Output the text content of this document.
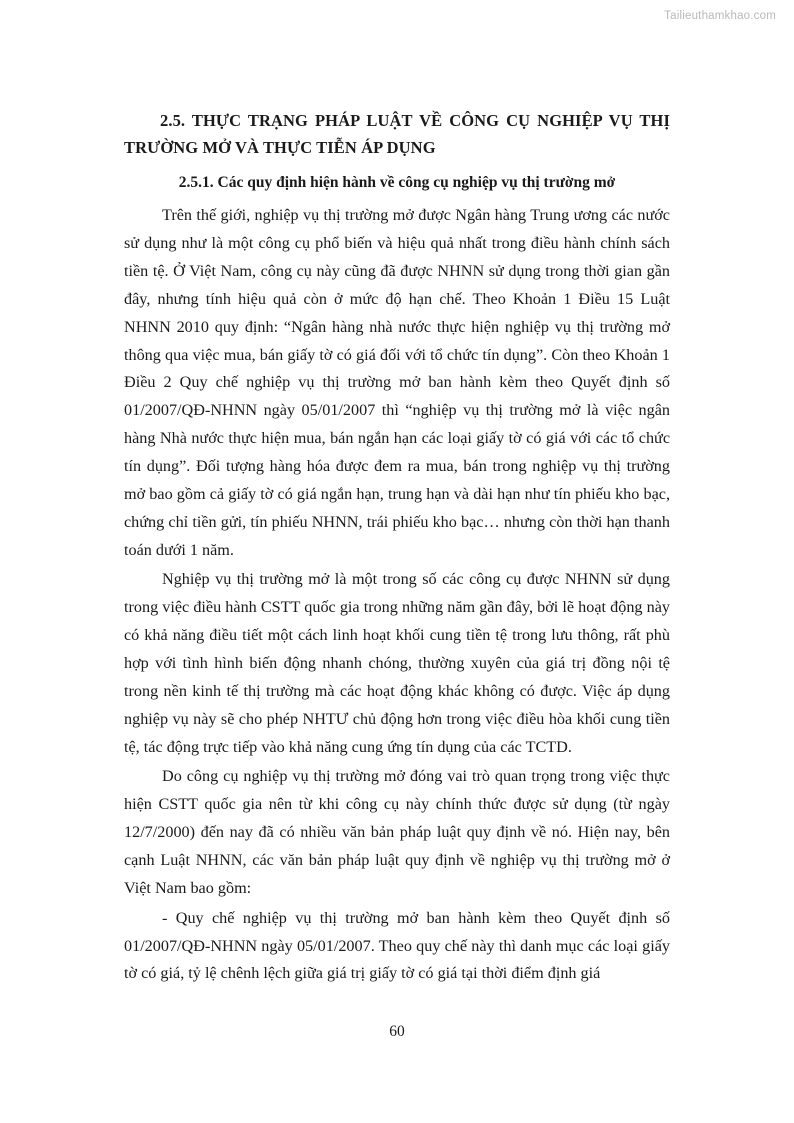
Tailieuthamkhao.com
2.5. THỰC TRẠNG PHÁP LUẬT VỀ CÔNG CỤ NGHIỆP VỤ THỊ TRƯỜNG MỞ VÀ THỰC TIỄN ÁP DỤNG
2.5.1. Các quy định hiện hành về công cụ nghiệp vụ thị trường mở

Trên thế giới, nghiệp vụ thị trường mở được Ngân hàng Trung ương các nước sử dụng như là một công cụ phổ biến và hiệu quả nhất trong điều hành chính sách tiền tệ. Ở Việt Nam, công cụ này cũng đã được NHNN sử dụng trong thời gian gần đây, nhưng tính hiệu quả còn ở mức độ hạn chế. Theo Khoản 1 Điều 15 Luật NHNN 2010 quy định: “Ngân hàng nhà nước thực hiện nghiệp vụ thị trường mở thông qua việc mua, bán giấy tờ có giá đối với tổ chức tín dụng”. Còn theo Khoản 1 Điều 2 Quy chế nghiệp vụ thị trường mở ban hành kèm theo Quyết định số 01/2007/QĐ-NHNN ngày 05/01/2007 thì “nghiệp vụ thị trường mở là việc ngân hàng Nhà nước thực hiện mua, bán ngắn hạn các loại giấy tờ có giá với các tổ chức tín dụng”. Đối tượng hàng hóa được đem ra mua, bán trong nghiệp vụ thị trường mở bao gồm cả giấy tờ có giá ngắn hạn, trung hạn và dài hạn như tín phiếu kho bạc, chứng chỉ tiền gửi, tín phiếu NHNN, trái phiếu kho bạc… nhưng còn thời hạn thanh toán dưới 1 năm.

Nghiệp vụ thị trường mở là một trong số các công cụ được NHNN sử dụng trong việc điều hành CSTT quốc gia trong những năm gần đây, bởi lẽ hoạt động này có khả năng điều tiết một cách linh hoạt khối cung tiền tệ trong lưu thông, rất phù hợp với tình hình biến động nhanh chóng, thường xuyên của giá trị đồng nội tệ trong nền kinh tế thị trường mà các hoạt động khác không có được. Việc áp dụng nghiệp vụ này sẽ cho phép NHTƯ chủ động hơn trong việc điều hòa khối cung tiền tệ, tác động trực tiếp vào khả năng cung ứng tín dụng của các TCTD.

Do công cụ nghiệp vụ thị trường mở đóng vai trò quan trọng trong việc thực hiện CSTT quốc gia nên từ khi công cụ này chính thức được sử dụng (từ ngày 12/7/2000) đến nay đã có nhiều văn bản pháp luật quy định về nó. Hiện nay, bên cạnh Luật NHNN, các văn bản pháp luật quy định về nghiệp vụ thị trường mở ở Việt Nam bao gồm:

- Quy chế nghiệp vụ thị trường mở ban hành kèm theo Quyết định số 01/2007/QĐ-NHNN ngày 05/01/2007. Theo quy chế này thì danh mục các loại giấy tờ có giá, tỷ lệ chênh lệch giữa giá trị giấy tờ có giá tại thời điểm định giá

60
